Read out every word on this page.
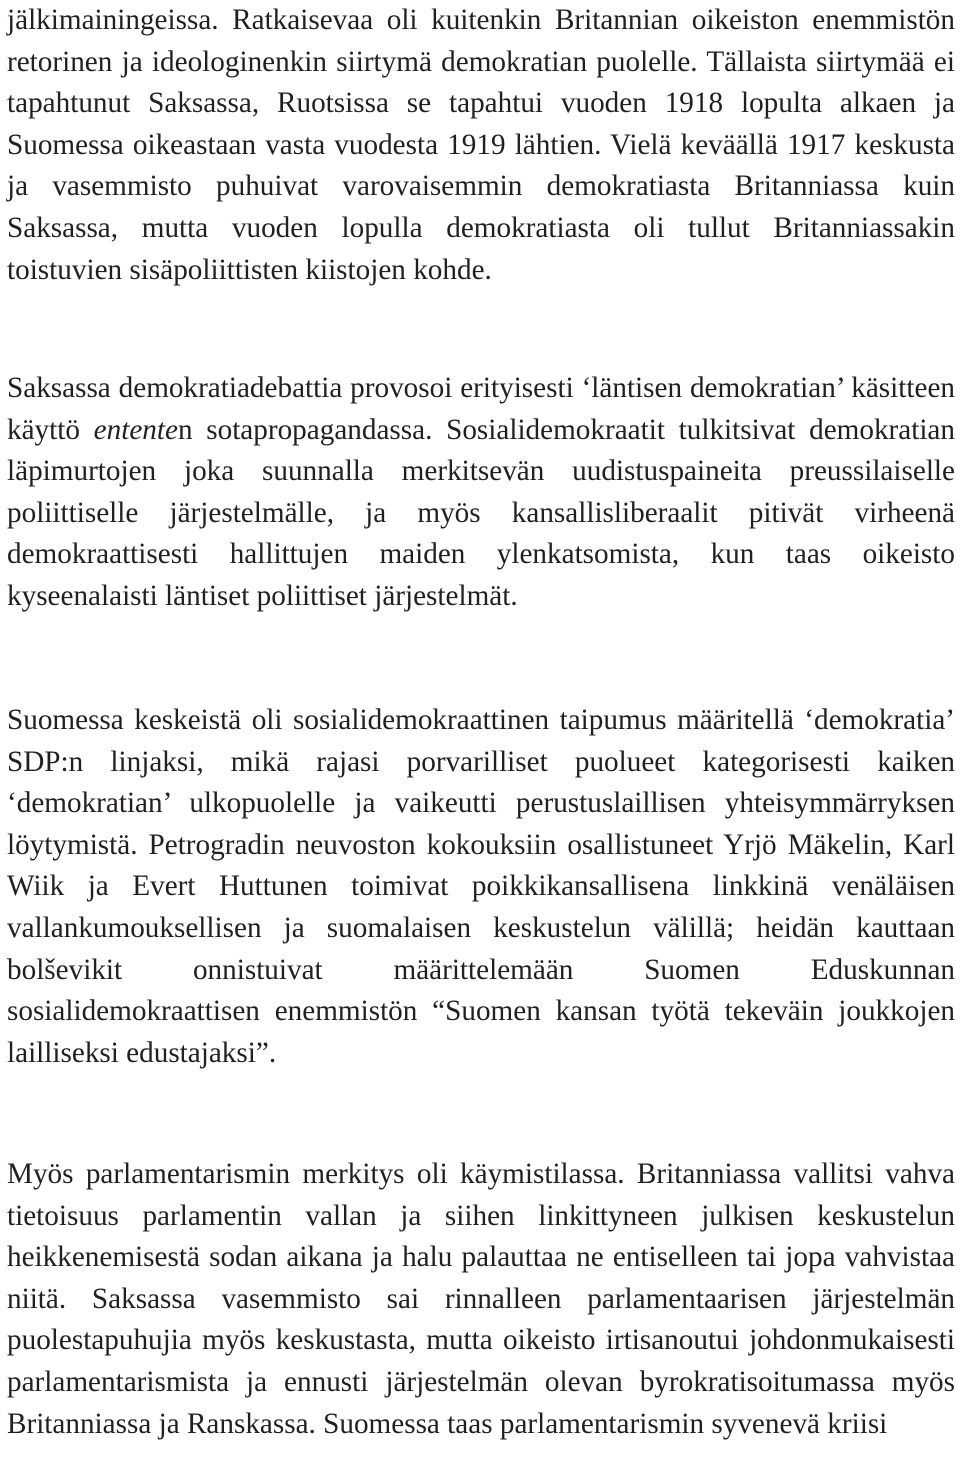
jälkimainingeissa. Ratkaisevaa oli kuitenkin Britannian oikeiston enemmistön retorinen ja ideologinenkin siirtymä demokratian puolelle. Tällaista siirtymää ei tapahtunut Saksassa, Ruotsissa se tapahtui vuoden 1918 lopulta alkaen ja Suomessa oikeastaan vasta vuodesta 1919 lähtien. Vielä keväällä 1917 keskusta ja vasemmisto puhuivat varovaisemmin demokratiasta Britanniassa kuin Saksassa, mutta vuoden lopulla demokratiasta oli tullut Britanniassakin toistuvien sisäpoliittisten kiistojen kohde.

Saksassa demokratiadebattia provosoi erityisesti ‘läntisen demokratian’ käsitteen käyttö ententen sotapropagandassa. Sosialidemokraatit tulkitsivat demokratian läpimurtojen joka suunnalla merkitsevän uudistuspaineita preussilaiselle poliittiselle järjestelmälle, ja myös kansallisliberaalit pitivät virheenä demokraattisesti hallittujen maiden ylenkatsomista, kun taas oikeisto kyseenalaisti läntiset poliittiset järjestelmät.

Suomessa keskeistä oli sosialidemokraattinen taipumus määritellä ‘demokratia’ SDP:n linjaksi, mikä rajasi porvarilliset puolueet kategorisesti kaiken ‘demokratian’ ulkopuolelle ja vaikeutti perustuslaillisen yhteisymmärryksen löytymistä. Petrogradin neuvoston kokouksiin osallistuneet Yrjö Mäkelin, Karl Wiik ja Evert Huttunen toimivat poikkikansallisena linkkinä venäläisen vallankumouksellisen ja suomalaisen keskustelun välillä; heidän kauttaan bolševikit onnistuivat määrittelemään Suomen Eduskunnan sosialidemokraattisen enemmistön “Suomen kansan työtä tekeväin joukkojen lailliseksi edustajaksi”.

Myös parlamentarismin merkitys oli käymistilassa. Britanniassa vallitsi vahva tietoisuus parlamentin vallan ja siihen linkittyneen julkisen keskustelun heikkenemisestä sodan aikana ja halu palauttaa ne entiselleen tai jopa vahvistaa niitä. Saksassa vasemmisto sai rinnalleen parlamentaarisen järjestelmän puolestapuhujia myös keskustasta, mutta oikeisto irtisanoutui johdonmukaisesti parlamentarismista ja ennusti järjestelmän olevan byrokratisoitumassa myös Britanniassa ja Ranskassa. Suomessa taas parlamentarismin syvenevä kriisi
